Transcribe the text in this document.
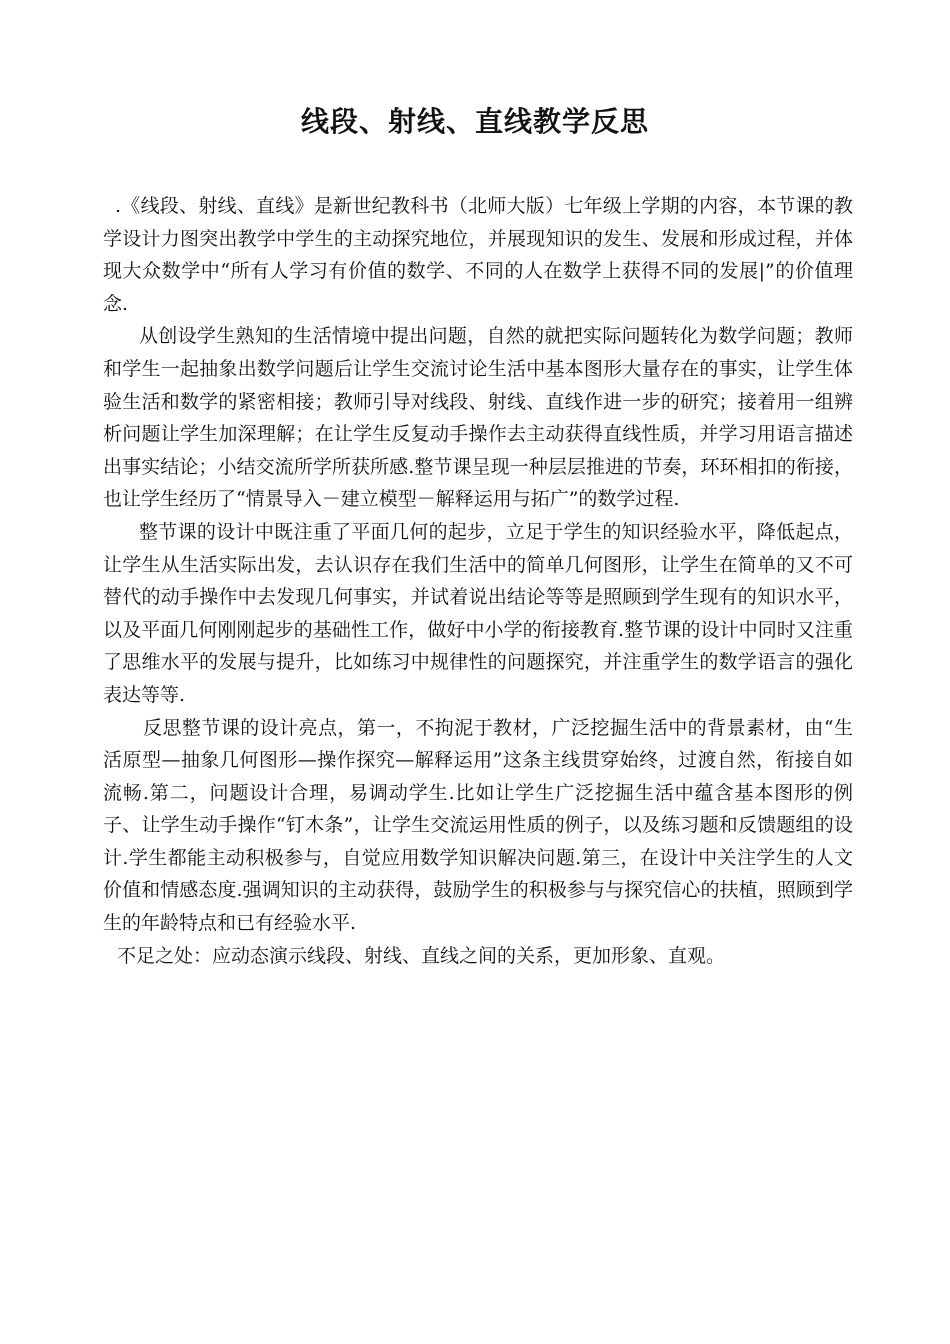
线段、射线、直线教学反思

.《线段、射线、直线》是新世纪教科书（北师大版）七年级上学期的内容，本节课的教学设计力图突出教学中学生的主动探究地位，并展现知识的发生、发展和形成过程，并体现大众数学中“所有人学习有价值的数学、不同的人在数学上获得不同的发展|”的价值理念.

从创设学生熟知的生活情境中提出问题，自然的就把实际问题转化为数学问题；教师和学生一起抽象出数学问题后让学生交流讨论生活中基本图形大量存在的事实，让学生体验生活和数学的紧密相接；教师引导对线段、射线、直线作进一步的研究；接着用一组辨析问题让学生加深理解；在让学生反复动手操作去主动获得直线性质，并学习用语言描述出事实结论；小结交流所学所获所感.整节课呈现一种层层推进的节奏，环环相扣的衔接，也让学生经历了“情景导入－建立模型－解释运用与拓广”的数学过程.

整节课的设计中既注重了平面几何的起步，立足于学生的知识经验水平，降低起点，让学生从生活实际出发，去认识存在我们生活中的简单几何图形，让学生在简单的又不可替代的动手操作中去发现几何事实，并试着说出结论等等是照顾到学生现有的知识水平，以及平面几何刚刚起步的基础性工作，做好中小学的衔接教育.整节课的设计中同时又注重了思维水平的发展与提升，比如练习中规律性的问题探究，并注重学生的数学语言的强化表达等等.

反思整节课的设计亮点，第一，不拘泥于教材，广泛挖掘生活中的背景素材，由“生活原型—抽象几何图形—操作探究—解释运用”这条主线贯穿始终，过渡自然，衔接自如流畅.第二，问题设计合理，易调动学生.比如让学生广泛挖掘生活中蕴含基本图形的例子、让学生动手操作“钉木条”，让学生交流运用性质的例子，以及练习题和反馈题组的设计.学生都能主动积极参与，自觉应用数学知识解决问题.第三，在设计中关注学生的人文价值和情感态度.强调知识的主动获得，鼓励学生的积极参与与探究信心的扶植，照顾到学生的年龄特点和已有经验水平.

不足之处：应动态演示线段、射线、直线之间的关系，更加形象、直观。
